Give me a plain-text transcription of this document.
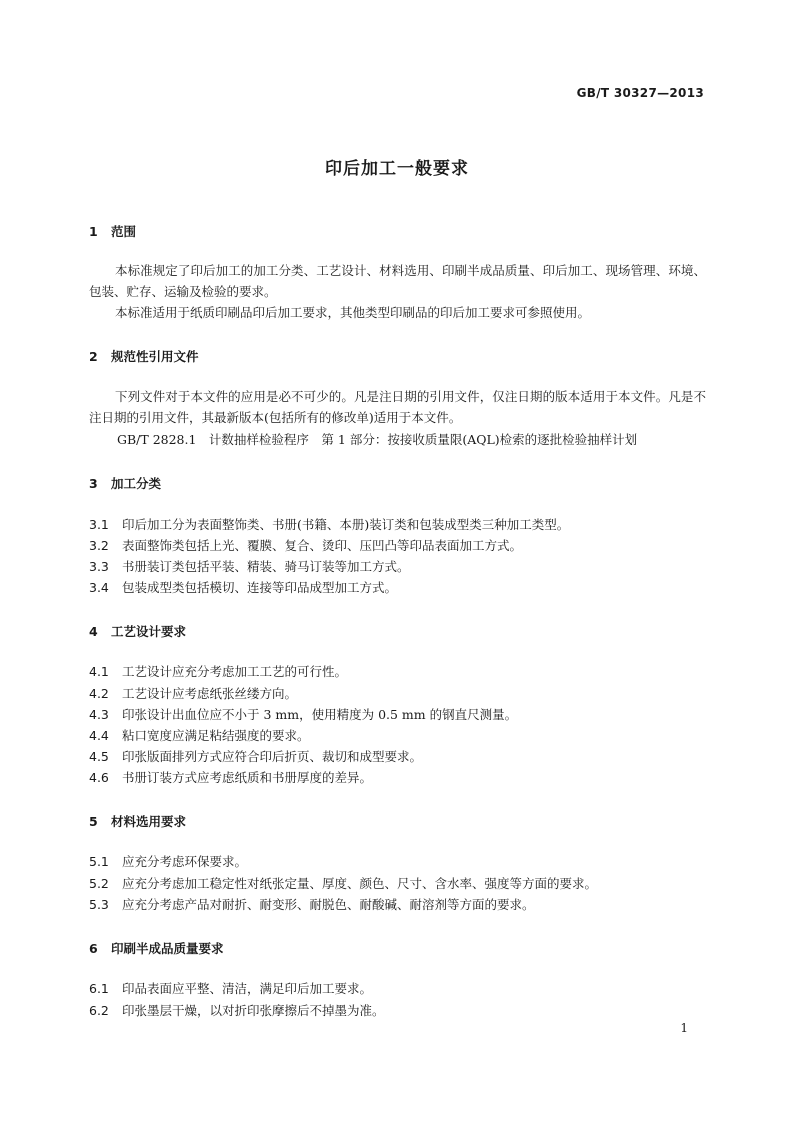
GB/T 30327—2013
印后加工一般要求
1 范围
本标准规定了印后加工的加工分类、工艺设计、材料选用、印刷半成品质量、印后加工、现场管理、环境、包装、贮存、运输及检验的要求。
本标准适用于纸质印刷品印后加工要求，其他类型印刷品的印后加工要求可参照使用。
2 规范性引用文件
下列文件对于本文件的应用是必不可少的。凡是注日期的引用文件，仅注日期的版本适用于本文件。凡是不注日期的引用文件，其最新版本(包括所有的修改单)适用于本文件。
GB/T 2828.1　计数抽样检验程序　第 1 部分：按接收质量限(AQL)检索的逐批检验抽样计划
3 加工分类
3.1 印后加工分为表面整饰类、书册(书籍、本册)装订类和包装成型类三种加工类型。
3.2 表面整饰类包括上光、覆膜、复合、烫印、压凹凸等印品表面加工方式。
3.3 书册装订类包括平装、精装、骑马订装等加工方式。
3.4 包装成型类包括模切、连接等印品成型加工方式。
4 工艺设计要求
4.1 工艺设计应充分考虑加工工艺的可行性。
4.2 工艺设计应考虑纸张丝缕方向。
4.3 印张设计出血位应不小于 3 mm，使用精度为 0.5 mm 的钢直尺测量。
4.4 粘口宽度应满足粘结强度的要求。
4.5 印张版面排列方式应符合印后折页、裁切和成型要求。
4.6 书册订装方式应考虑纸质和书册厚度的差异。
5 材料选用要求
5.1 应充分考虑环保要求。
5.2 应充分考虑加工稳定性对纸张定量、厚度、颜色、尺寸、含水率、强度等方面的要求。
5.3 应充分考虑产品对耐折、耐变形、耐脱色、耐酸碱、耐溶剂等方面的要求。
6 印刷半成品质量要求
6.1 印品表面应平整、清洁，满足印后加工要求。
6.2 印张墨层干燥，以对折印张摩擦后不掉墨为准。
1
